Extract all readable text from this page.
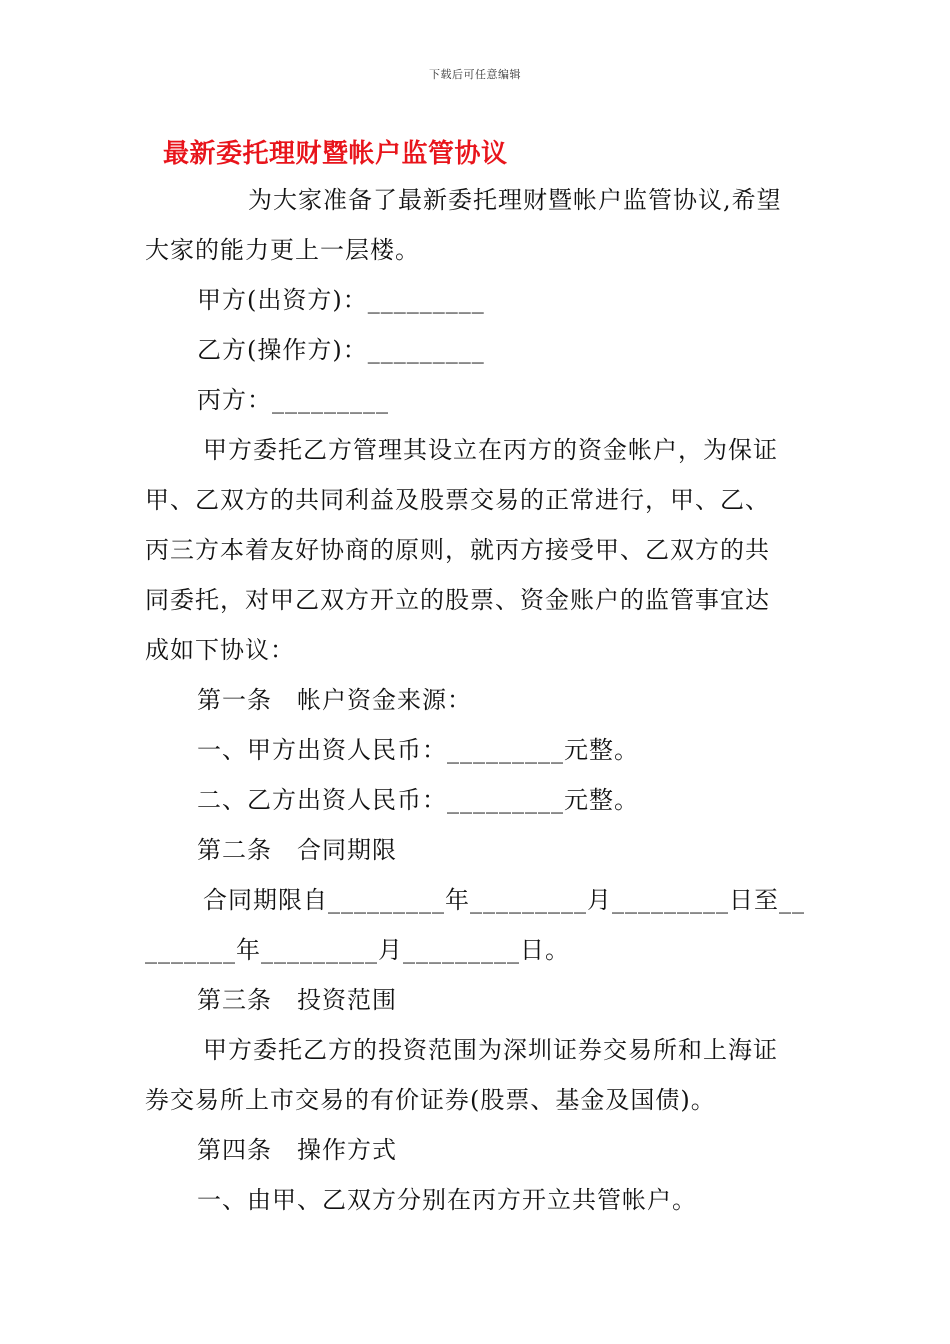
下载后可任意编辑
最新委托理财暨帐户监管协议
为大家准备了最新委托理财暨帐户监管协议,希望
大家的能力更上一层楼。
甲方(出资方)：_________
乙方(操作方)：_________
丙方：_________
甲方委托乙方管理其设立在丙方的资金帐户，为保证
甲、乙双方的共同利益及股票交易的正常进行，甲、乙、
丙三方本着友好协商的原则，就丙方接受甲、乙双方的共
同委托，对甲乙双方开立的股票、资金账户的监管事宜达
成如下协议：
第一条　帐户资金来源：
一、甲方出资人民币：_________元整。
二、乙方出资人民币：_________元整。
第二条　合同期限
合同期限自_________年_________月_________日至__
_______年_________月_________日。
第三条　投资范围
甲方委托乙方的投资范围为深圳证券交易所和上海证
券交易所上市交易的有价证券(股票、基金及国债)。
第四条　操作方式
一、由甲、乙双方分别在丙方开立共管帐户。
